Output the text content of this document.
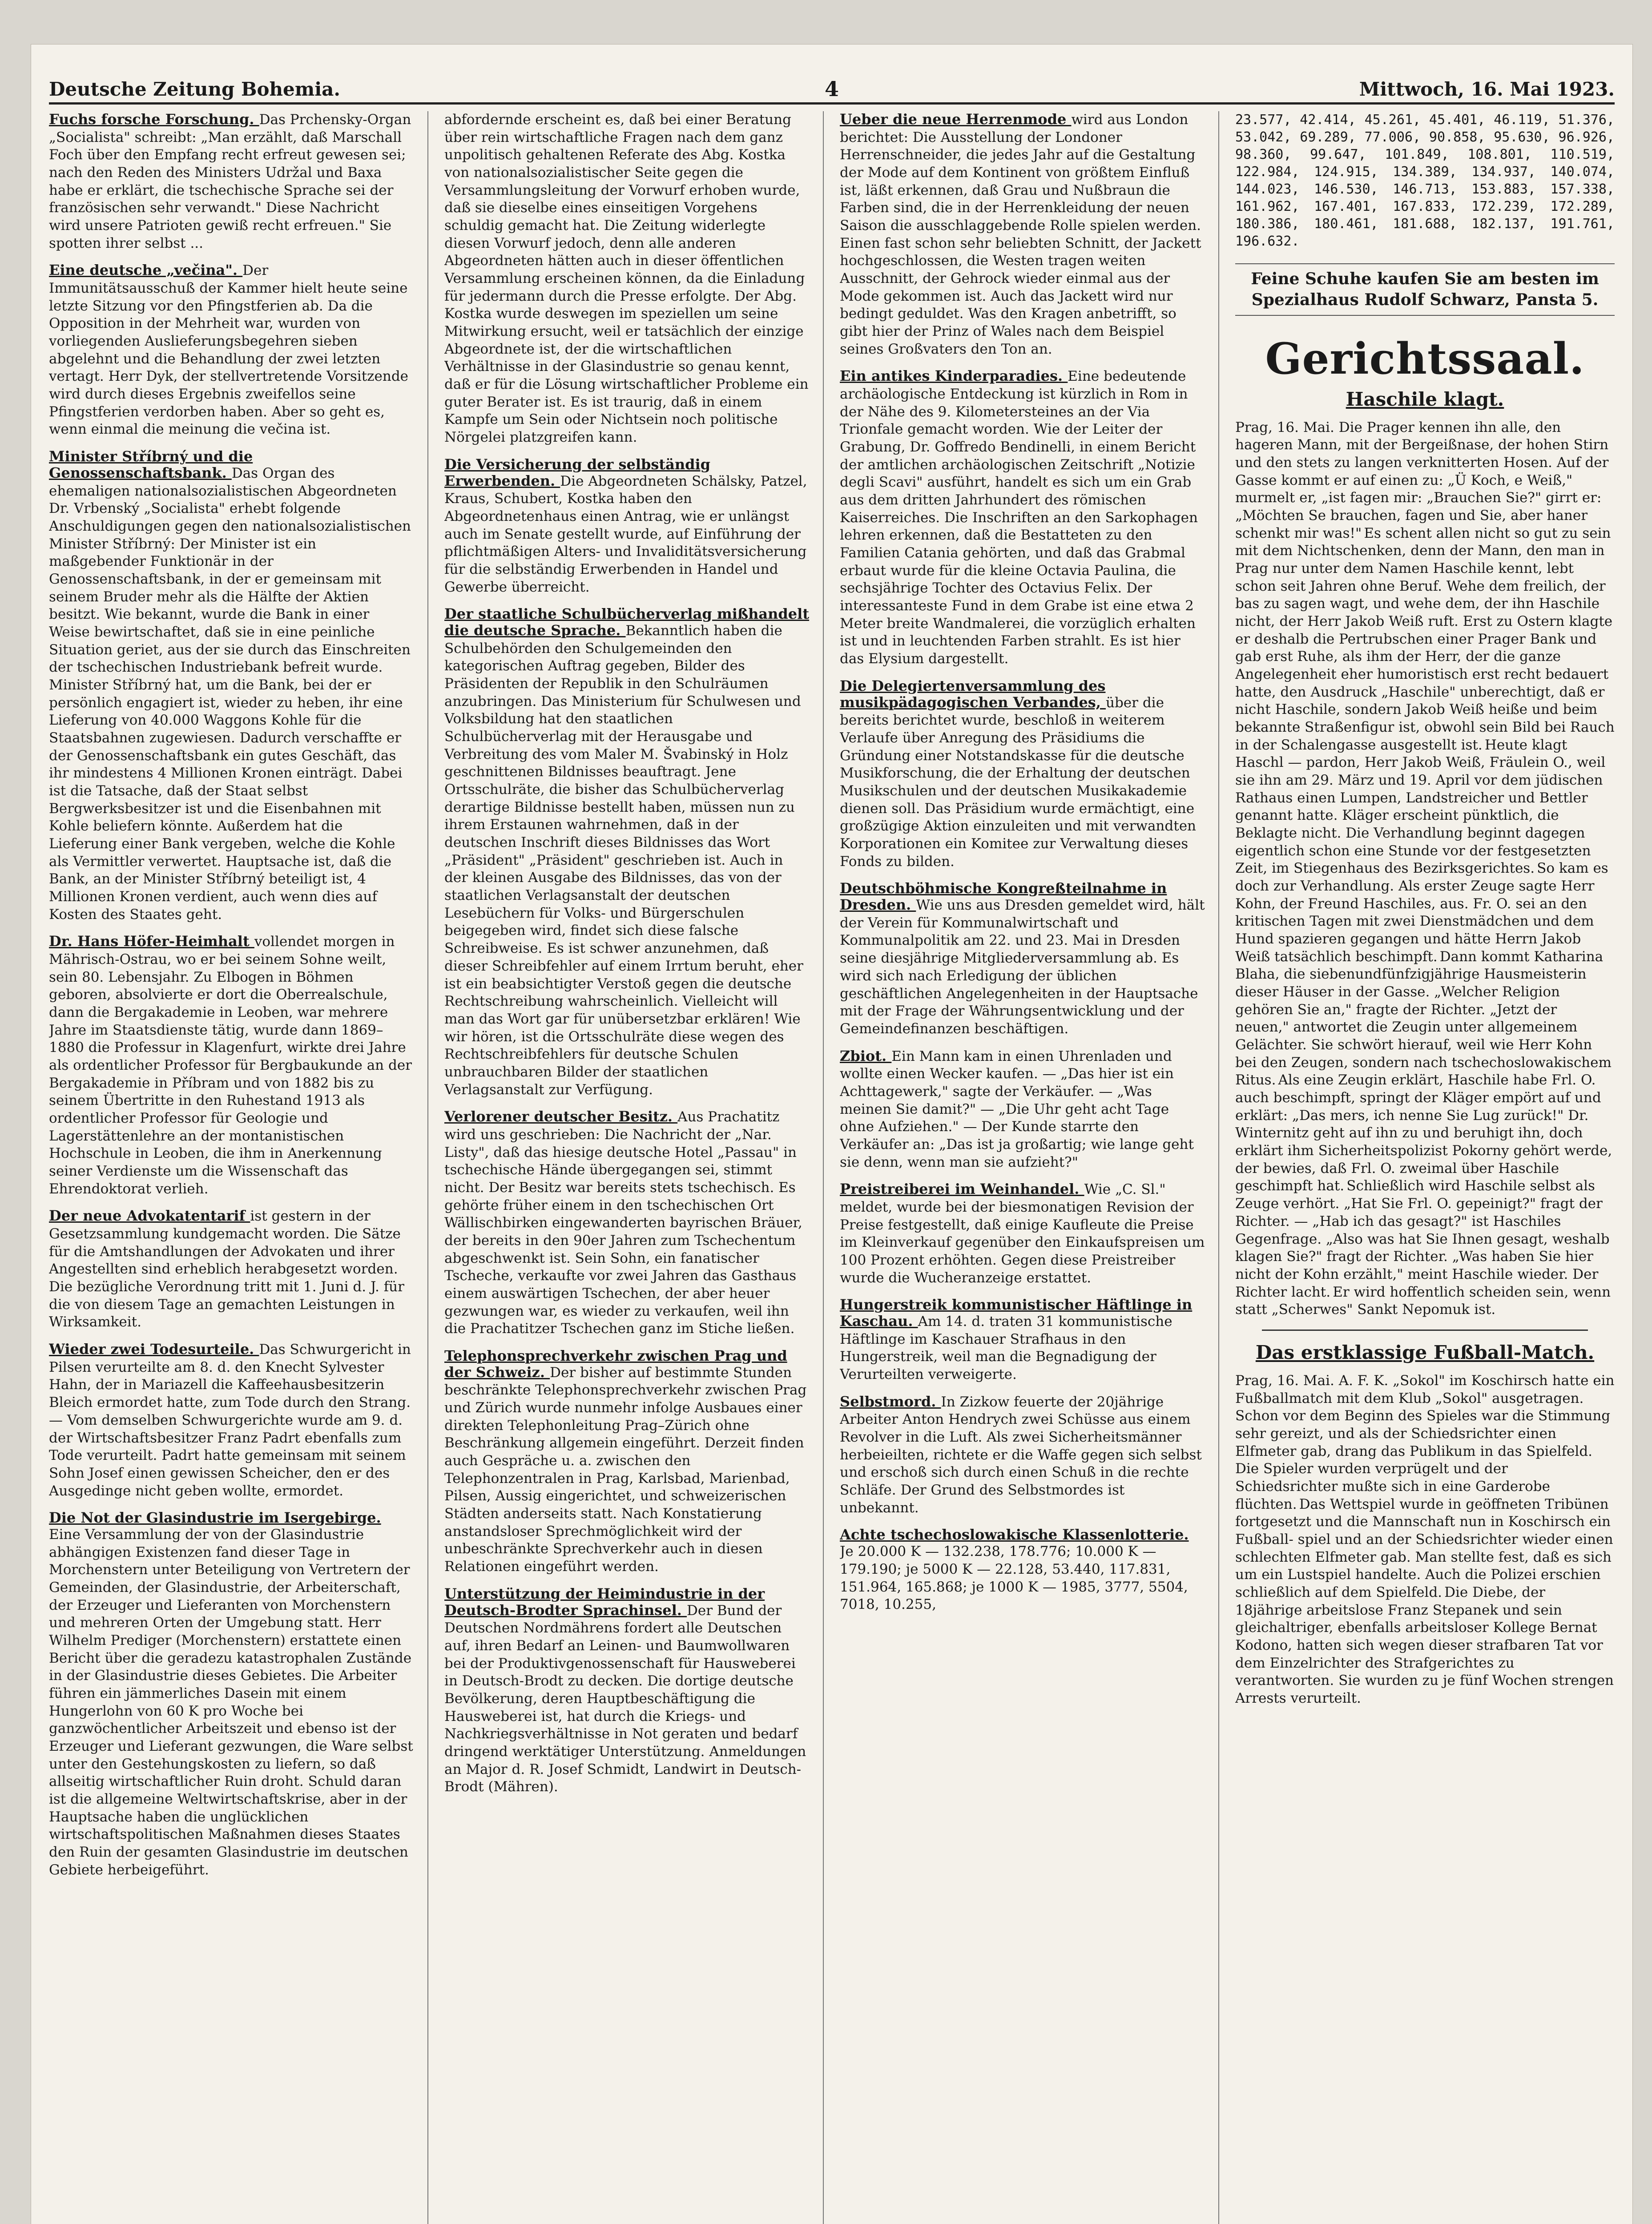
Deutsche Zeitung Bohemia.	4	Mittwoch, 16. Mai 1923.
Fuchs forsche Forschung. Das Prchensky-Organ „Socialista" schreibt: „Man erzählt, daß Marschall Foch über den Empfang recht erfreut gewesen sei; nach den Reden des Ministers Udržal und Baxa habe er erklärt, die tschechische Sprache sei der französischen sehr verwandt." Diese Nachricht wird unsere Patrioten gewiß recht erfreuen." Sie spotten ihrer selbst ...
Eine deutsche „večina". Der Immunitätsausschuß der Kammer hielt heute seine letzte Sitzung vor den Pfingstferien ab. Da die Opposition in der Mehrheit war, wurden von vorliegenden Auslieferungsbegehren sieben abgelehnt und die Behandlung der zwei letzten vertagt. Herr Dyk, der stellvertretende Vorsitzende wird durch dieses Ergebnis zweifellos seine Pfingstferien verdorben haben. Aber so geht es, wenn einmal die meinung die večina ist.
Minister Stříbrný und die Genossenschaftsbank. Das Organ des ehemaligen nationalsozialistischen Abgeordneten Dr. Vrbenský „Socialista" erhebt folgende Anschuldigungen gegen den nationalsozialistischen Minister Stříbrný: Der Minister ist ein maßgebender Funktionär in der Genossenschaftsbank, in der er gemeinsam mit seinem Bruder mehr als die Hälfte der Aktien besitzt. Wie bekannt, wurde die Bank in einer Weise bewirtschaftet, daß sie in eine peinliche Situation geriet, aus der sie durch das Einschreiten der tschechischen Industriebank befreit wurde. Minister Stříbrný hat, um die Bank, bei der er persönlich engagiert ist, wieder zu heben, ihr eine Lieferung von 40.000 Waggons Kohle für die Staatsbahnen zugewiesen. Dadurch verschaffte er der Genossenschaftsbank ein gutes Geschäft, das ihr mindestens 4 Millionen Kronen einträgt. Dabei ist die Tatsache, daß der Staat selbst Bergwerksbesitzer ist und die Eisenbahnen mit Kohle beliefern könnte. Außerdem hat die Lieferung einer Bank vergeben, welche die Kohle als Vermittler verwertet. Hauptsache ist, daß die Bank, an der Minister Stříbrný beteiligt ist, 4 Millionen Kronen verdient, auch wenn dies auf Kosten des Staates geht.
Dr. Hans Höfer-Heimhalt vollendet morgen in Mährisch-Ostrau, wo er bei seinem Sohne weilt, sein 80. Lebensjahr. Zu Elbogen in Böhmen geboren, absolvierte er dort die Oberrealschule, dann die Bergakademie in Leoben, war mehrere Jahre im Staatsdienste tätig, wurde dann 1869–1880 die Professur in Klagenfurt, wirkte drei Jahre als ordentlicher Professor für Bergbaukunde an der Bergakademie in Příbram und von 1882 bis zu seinem Übertritte in den Ruhestand 1913 als ordentlicher Professor für Geologie und Lagerstättenlehre an der montanistischen Hochschule in Leoben, die ihm in Anerkennung seiner Verdienste um die Wissenschaft das Ehrendoktorat verlieh.
Der neue Advokatentarif ist gestern in der Gesetzsammlung kundgemacht worden. Die Sätze für die Amtshandlungen der Advokaten und ihrer Angestellten sind erheblich herabgesetzt worden. Die bezügliche Verordnung tritt mit 1. Juni d. J. für die von diesem Tage an gemachten Leistungen in Wirksamkeit.
Wieder zwei Todesurteile. Das Schwurgericht in Pilsen verurteilte am 8. d. den Knecht Sylvester Hahn, der in Mariazell die Kaffeehausbesitzerin Bleich ermordet hatte, zum Tode durch den Strang. — Vom demselben Schwurgerichte wurde am 9. d. der Wirtschaftsbesitzer Franz Padrt ebenfalls zum Tode verurteilt. Padrt hatte gemeinsam mit seinem Sohn Josef einen gewissen Scheicher, den er des Ausgedinge nicht geben wollte, ermordet.
Die Not der Glasindustrie im Isergebirge. Eine Versammlung der von der Glasindustrie abhängigen Existenzen fand dieser Tage in Morchenstern unter Beteiligung von Vertretern der Gemeinden, der Glasindustrie, der Arbeiterschaft, der Erzeuger und Lieferanten von Morchenstern und mehreren Orten der Umgebung statt. Herr Wilhelm Prediger (Morchenstern) erstattete einen Bericht über die geradezu katastrophalen Zustände in der Glasindustrie dieses Gebietes. Die Arbeiter führen ein jämmerliches Dasein mit einem Hungerlohn von 60 K pro Woche bei ganzwöchentlicher Arbeitszeit und ebenso ist der Erzeuger und Lieferant gezwungen, die Ware selbst unter den Gestehungskosten zu liefern, so daß allseitig wirtschaftlicher Ruin droht. Schuld daran ist die allgemeine Weltwirtschaftskrise, aber in der Hauptsache haben die unglücklichen wirtschaftspolitischen Maßnahmen dieses Staates den Ruin der gesamten Glasindustrie im deutschen Gebiete herbeigeführt.
abfordernde erscheint es, daß bei einer Beratung über rein wirtschaftliche Fragen nach dem ganz unpolitisch gehaltenen Referate des Abg. Kostka von nationalsozialistischer Seite gegen die Versammlungsleitung der Vorwurf erhoben wurde, daß sie dieselbe eines einseitigen Vorgehens schuldig gemacht hat. Die Zeitung widerlegte diesen Vorwurf jedoch, denn alle anderen Abgeordneten hätten auch in dieser öffentlichen Versammlung erscheinen können, da die Einladung für jedermann durch die Presse erfolgte. Der Abg. Kostka wurde deswegen im speziellen um seine Mitwirkung ersucht, weil er tatsächlich der einzige Abgeordnete ist, der die wirtschaftlichen Verhältnisse in der Glasindustrie so genau kennt, daß er für die Lösung wirtschaftlicher Probleme ein guter Berater ist. Es ist traurig, daß in einem Kampfe um Sein oder Nichtsein noch politische Nörgelei platzgreifen kann.
Die Versicherung der selbständig Erwerbenden. Die Abgeordneten Schälsky, Patzel, Kraus, Schubert, Kostka haben den Abgeordnetenhaus einen Antrag, wie er unlängst auch im Senate gestellt wurde, auf Einführung der pflichtmäßigen Alters- und Invaliditätsversicherung für die selbständig Erwerbenden in Handel und Gewerbe überreicht.
Der staatliche Schulbücherverlag mißhandelt die deutsche Sprache. Bekanntlich haben die Schulbehörden den Schulgemeinden den kategorischen Auftrag gegeben, Bilder des Präsidenten der Republik in den Schulräumen anzubringen. Das Ministerium für Schulwesen und Volksbildung hat den staatlichen Schulbücherverlag mit der Herausgabe und Verbreitung des vom Maler M. Švabinský in Holz geschnittenen Bildnisses beauftragt. Jene Ortsschulräte, die bisher das Schulbücherverlag derartige Bildnisse bestellt haben, müssen nun zu ihrem Erstaunen wahrnehmen, daß in der deutschen Inschrift dieses Bildnisses das Wort „Präsident" „Präsident" geschrieben ist. Auch in der kleinen Ausgabe des Bildnisses, das von der staatlichen Verlagsanstalt der deutschen Lesebüchern für Volks- und Bürgerschulen beigegeben wird, findet sich diese falsche Schreibweise. Es ist schwer anzunehmen, daß dieser Schreibfehler auf einem Irrtum beruht, eher ist ein beabsichtigter Verstoß gegen die deutsche Rechtschreibung wahrscheinlich. Vielleicht will man das Wort gar für unübersetzbar erklären! Wie wir hören, ist die Ortsschulräte diese wegen des Rechtschreibfehlers für deutsche Schulen unbrauchbaren Bilder der staatlichen Verlagsanstalt zur Verfügung.
Verlorener deutscher Besitz. Aus Prachatitz wird uns geschrieben: Die Nachricht der „Nar. Listy", daß das hiesige deutsche Hotel „Passau" in tschechische Hände übergegangen sei, stimmt nicht. Der Besitz war bereits stets tschechisch. Es gehörte früher einem in den tschechischen Ort Wällischbirken eingewanderten bayrischen Bräuer, der bereits in den 90er Jahren zum Tschechentum abgeschwenkt ist. Sein Sohn, ein fanatischer Tscheche, verkaufte vor zwei Jahren das Gasthaus einem auswärtigen Tschechen, der aber heuer gezwungen war, es wieder zu verkaufen, weil ihn die Prachatitzer Tschechen ganz im Stiche ließen.
Telephonsprechverkehr zwischen Prag und der Schweiz. Der bisher auf bestimmte Stunden beschränkte Telephonsprechverkehr zwischen Prag und Zürich wurde nunmehr infolge Ausbaues einer direkten Telephonleitung Prag–Zürich ohne Beschränkung allgemein eingeführt. Derzeit finden auch Gespräche u. a. zwischen den Telephonzentralen in Prag, Karlsbad, Marienbad, Pilsen, Aussig eingerichtet, und schweizerischen Städten anderseits statt. Nach Konstatierung anstandsloser Sprechmöglichkeit wird der unbeschränkte Sprechverkehr auch in diesen Relationen eingeführt werden.
Unterstützung der Heimindustrie in der Deutsch-Brodter Sprachinsel. Der Bund der Deutschen Nordmährens fordert alle Deutschen auf, ihren Bedarf an Leinen- und Baumwollwaren bei der Produktivgenossenschaft für Hausweberei in Deutsch-Brodt zu decken. Die dortige deutsche Bevölkerung, deren Hauptbeschäftigung die Hausweberei ist, hat durch die Kriegs- und Nachkriegsverhältnisse in Not geraten und bedarf dringend werktätiger Unterstützung. Anmeldungen an Major d. R. Josef Schmidt, Landwirt in Deutsch-Brodt (Mähren).
Ueber die neue Herrenmode wird aus London berichtet: Die Ausstellung der Londoner Herrenschneider, die jedes Jahr auf die Gestaltung der Mode auf dem Kontinent von größtem Einfluß ist, läßt erkennen, daß Grau und Nußbraun die Farben sind, die in der Herrenkleidung der neuen Saison die ausschlaggebende Rolle spielen werden. Einen fast schon sehr beliebten Schnitt, der Jackett hochgeschlossen, die Westen tragen weiten Ausschnitt, der Gehrock wieder einmal aus der Mode gekommen ist. Auch das Jackett wird nur bedingt geduldet. Was den Kragen anbetrifft, so gibt hier der Prinz of Wales nach dem Beispiel seines Großvaters den Ton an.
Ein antikes Kinderparadies. Eine bedeutende archäologische Entdeckung ist kürzlich in Rom in der Nähe des 9. Kilometersteines an der Via Trionfale gemacht worden. Wie der Leiter der Grabung, Dr. Goffredo Bendinelli, in einem Bericht der amtlichen archäologischen Zeitschrift „Notizie degli Scavi" ausführt, handelt es sich um ein Grab aus dem dritten Jahrhundert des römischen Kaiserreiches. Die Inschriften an den Sarkophagen lehren erkennen, daß die Bestatteten zu den Familien Catania gehörten, und daß das Grabmal erbaut wurde für die kleine Octavia Paulina, die sechsjährige Tochter des Octavius Felix. Der interessanteste Fund in dem Grabe ist eine etwa 2 Meter breite Wandmalerei, die vorzüglich erhalten ist und in leuchtenden Farben strahlt. Es ist hier das Elysium dargestellt.
Die Delegiertenversammlung des musikpädagogischen Verbandes, über die bereits berichtet wurde, beschloß in weiterem Verlaufe über Anregung des Präsidiums die Gründung einer Notstandskasse für die deutsche Musikforschung, die der Erhaltung der deutschen Musikschulen und der deutschen Musikakademie dienen soll. Das Präsidium wurde ermächtigt, eine großzügige Aktion einzuleiten und mit verwandten Korporationen ein Komitee zur Verwaltung dieses Fonds zu bilden.
Deutschböhmische Kongreßteilnahme in Dresden. Wie uns aus Dresden gemeldet wird, hält der Verein für Kommunalwirtschaft und Kommunalpolitik am 22. und 23. Mai in Dresden seine diesjährige Mitgliederversammlung ab. Es wird sich nach Erledigung der üblichen geschäftlichen Angelegenheiten in der Hauptsache mit der Frage der Währungsentwicklung und der Gemeindefinanzen beschäftigen.
Zbiot. Ein Mann kam in einen Uhrenladen und wollte einen Wecker kaufen. — „Das hier ist ein Achttagewerk," sagte der Verkäufer. — „Was meinen Sie damit?" — „Die Uhr geht acht Tage ohne Aufziehen." — Der Kunde starrte den Verkäufer an: „Das ist ja großartig; wie lange geht sie denn, wenn man sie aufzieht?"
Preistreiberei im Weinhandel. Wie „C. Sl." meldet, wurde bei der biesmonatigen Revision der Preise festgestellt, daß einige Kaufleute die Preise im Kleinverkauf gegenüber den Einkaufspreisen um 100 Prozent erhöhten. Gegen diese Preistreiber wurde die Wucheranzeige erstattet.
Hungerstreik kommunistischer Häftlinge in Kaschau. Am 14. d. traten 31 kommunistische Häftlinge im Kaschauer Strafhaus in den Hungerstreik, weil man die Begnadigung der Verurteilten verweigerte.
Selbstmord. In Zizkow feuerte der 20jährige Arbeiter Anton Hendrych zwei Schüsse aus einem Revolver in die Luft. Als zwei Sicherheitsmänner herbeieilten, richtete er die Waffe gegen sich selbst und erschoß sich durch einen Schuß in die rechte Schläfe. Der Grund des Selbstmordes ist unbekannt.
Achte tschechoslowakische Klassenlotterie. Je 20.000 K — 132.238, 178.776; 10.000 K — 179.190; je 5000 K — 22.128, 53.440, 117.831, 151.964, 165.868; je 1000 K — 1985, 3777, 5504, 7018, 10.255,
23.577, 42.414, 45.261, 45.401, 46.119, 51.376, 53.042, 69.289, 77.006, 90.858, 95.630, 96.926, 98.360, 99.647, 101.849, 108.801, 110.519, 122.984, 124.915, 134.389, 134.937, 140.074, 144.023, 146.530, 146.713, 153.883, 157.338, 161.962, 167.401, 167.833, 172.239, 172.289, 180.386, 180.461, 181.688, 182.137, 191.761, 196.632.
Feine Schuhe kaufen Sie am besten im Spezialhaus Rudolf Schwarz, Pansta 5.
Gerichtssaal.
Haschile klagt.

Prag, 16. Mai. Die Prager kennen ihn alle, den hageren Mann, mit der Bergeißnase, der hohen Stirn und den stets zu langen verknitterten Hosen. Auf der Gasse kommt er auf einen zu: „Ü Koch, e Weiß," murmelt er, „ist fagen mir: „Brauchen Sie?" girrt er: „Möchten Se brauchen, fagen und Sie, aber haner schenkt mir was!"

Es schent allen nicht so gut zu sein mit dem Nichtschenken, denn der Mann, den man in Prag nur unter dem Namen Haschile kennt, lebt schon seit Jahren ohne Beruf. Wehe dem freilich, der bas zu sagen wagt, und wehe dem, der ihn Haschile nicht, der Herr Jakob Weiß ruft. Erst zu Ostern klagte er deshalb die Pertrubschen einer Prager Bank und gab erst Ruhe, als ihm der Herr, der die ganze Angelegenheit eher humoristisch erst recht bedauert hatte, den Ausdruck „Haschile" unberechtigt, daß er nicht Haschile, sondern Jakob Weiß heiße und beim bekannte Straßenfigur ist, obwohl sein Bild bei Rauch in der Schalengasse ausgestellt ist.

Heute klagt Haschl — pardon, Herr Jakob Weiß, Fräulein O., weil sie ihn am 29. März und 19. April vor dem jüdischen Rathaus einen Lumpen, Landstreicher und Bettler genannt hatte. Kläger erscheint pünktlich, die Beklagte nicht. Die Verhandlung beginnt dagegen eigentlich schon eine Stunde vor der festgesetzten Zeit, im Stiegenhaus des Bezirksgerichtes.

So kam es doch zur Verhandlung. Als erster Zeuge sagte Herr Kohn, der Freund Haschiles, aus. Fr. O. sei an den kritischen Tagen mit zwei Dienstmädchen und dem Hund spazieren gegangen und hätte Herrn Jakob Weiß tatsächlich beschimpft.

Dann kommt Katharina Blaha, die siebenundfünfzigjährige Hausmeisterin dieser Häuser in der Gasse. „Welcher Religion gehören Sie an," fragte der Richter. „Jetzt der neuen," antwortet die Zeugin unter allgemeinem Gelächter. Sie schwört hierauf, weil wie Herr Kohn bei den Zeugen, sondern nach tschechoslowakischem Ritus.

Als eine Zeugin erklärt, Haschile habe Frl. O. auch beschimpft, springt der Kläger empört auf und erklärt: „Das mers, ich nenne Sie Lug zurück!" Dr. Winternitz geht auf ihn zu und beruhigt ihn, doch erklärt ihm Sicherheitspolizist Pokorny gehört werde, der bewies, daß Frl. O. zweimal über Haschile geschimpft hat.

Schließlich wird Haschile selbst als Zeuge verhört. „Hat Sie Frl. O. gepeinigt?" fragt der Richter. — „Hab ich das gesagt?" ist Haschiles Gegenfrage. „Also was hat Sie Ihnen gesagt, weshalb klagen Sie?" fragt der Richter. „Was haben Sie hier nicht der Kohn erzählt," meint Haschile wieder. Der Richter lacht.

Er wird hoffentlich scheiden sein, wenn statt „Scherwes" Sankt Nepomuk ist.

Das erstklassige Fußball-Match.

Prag, 16. Mai. A. F. K. „Sokol" im Koschirsch hatte ein Fußballmatch mit dem Klub „Sokol" ausgetragen. Schon vor dem Beginn des Spieles war die Stimmung sehr gereizt, und als der Schiedsrichter einen Elfmeter gab, drang das Publikum in das Spielfeld. Die Spieler wurden verprügelt und der Schiedsrichter mußte sich in eine Garderobe flüchten.

Das Wettspiel wurde in geöffneten Tribünen fortgesetzt und die Mannschaft nun in Koschirsch ein Fußball- spiel und an der Schiedsrichter wieder einen schlechten Elfmeter gab. Man stellte fest, daß es sich um ein Lustspiel handelte. Auch die Polizei erschien schließlich auf dem Spielfeld.

Die Diebe, der 18jährige arbeitslose Franz Stepanek und sein gleichaltriger, ebenfalls arbeitsloser Kollege Bernat Kodono, hatten sich wegen dieser strafbaren Tat vor dem Einzelrichter des Strafgerichtes zu verantworten. Sie wurden zu je fünf Wochen strengen Arrests verurteilt.
